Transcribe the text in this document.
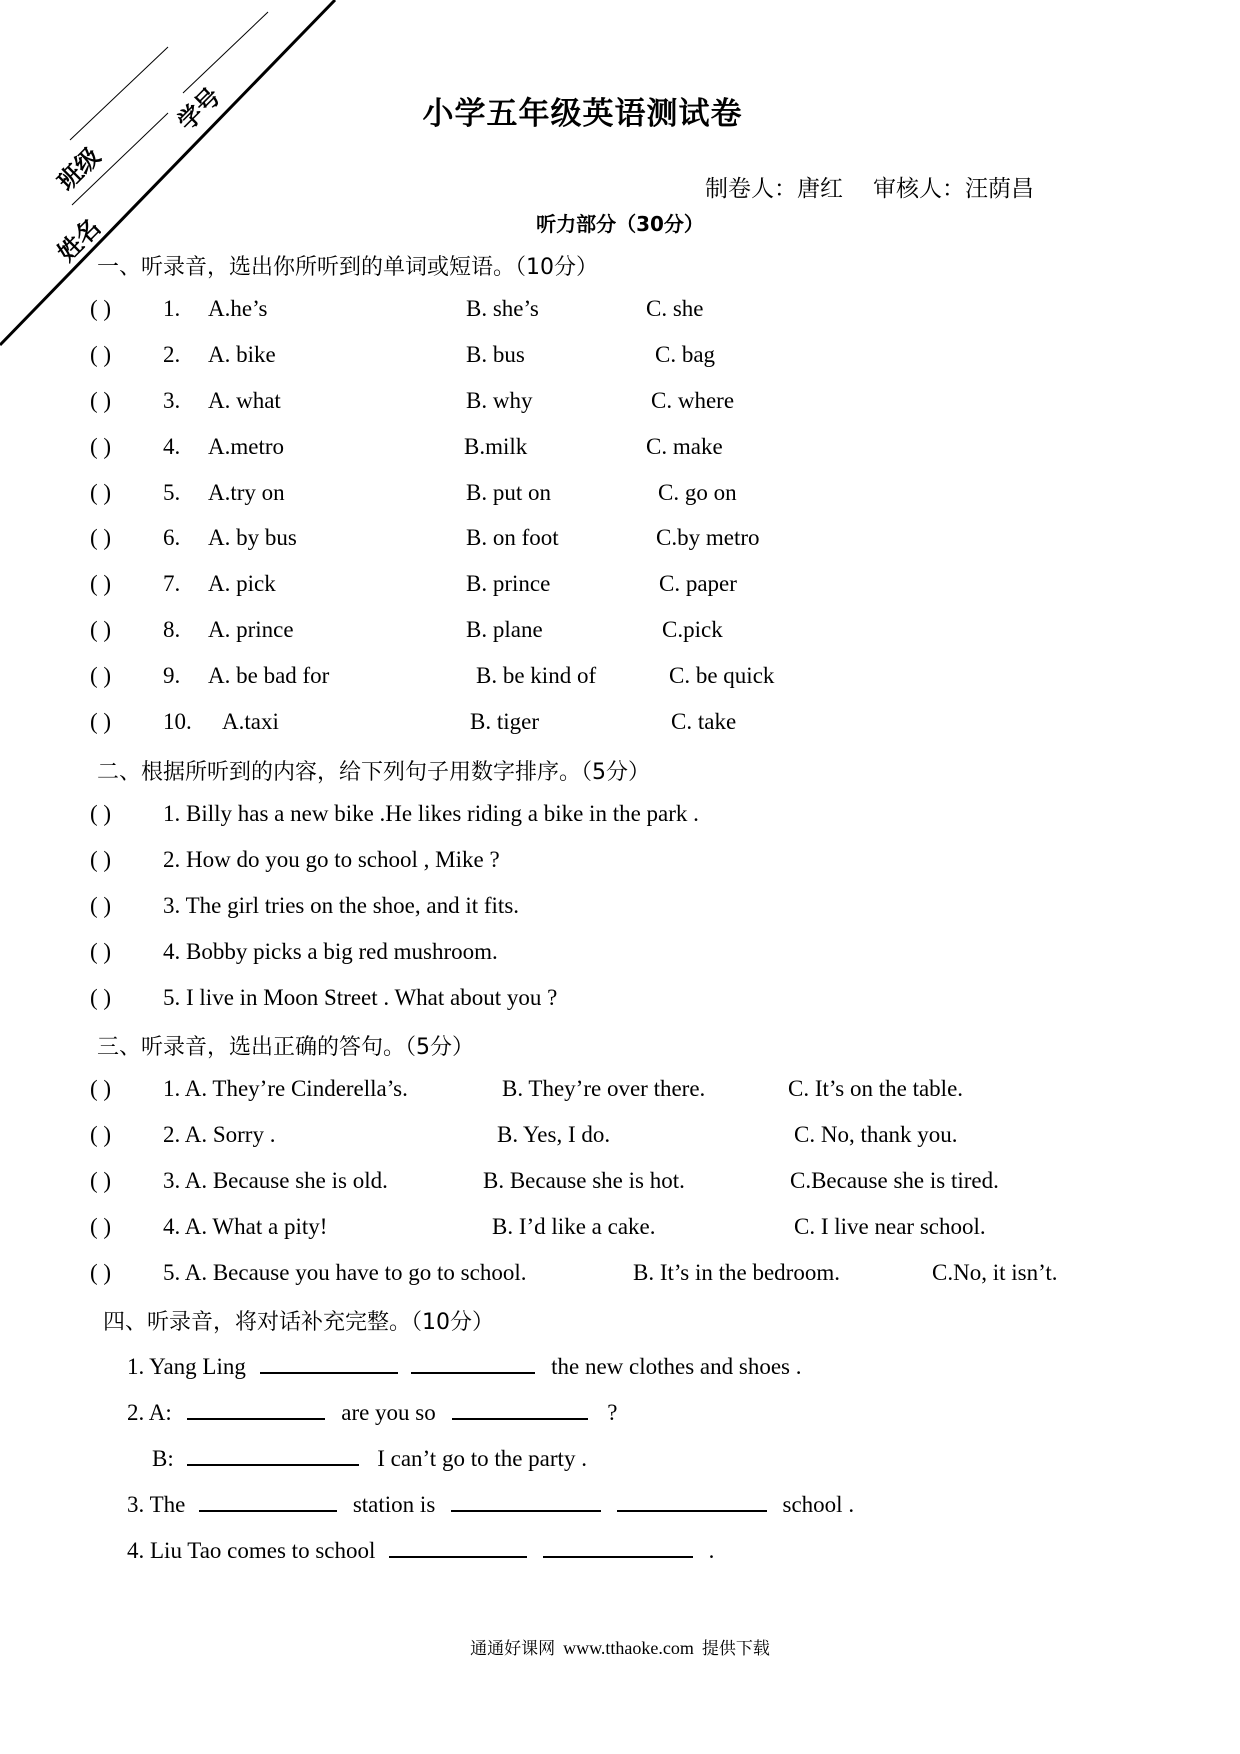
班级
学号
姓名
小学五年级英语测试卷
制卷人：唐红 审核人：汪荫昌
听力部分（30分）
一、听录音，选出你所听到的单词或短语。（10分）
( ) 1. A.he’s	B. she’s	C. she
( ) 2. A. bike	B. bus	C. bag
( ) 3. A. what	B. why	C. where
( ) 4. A.metro	B.milk	C. make
( ) 5. A.try on	B. put on	C. go on
( ) 6. A. by bus	B. on foot	C.by metro
( ) 7. A. pick	B. prince	C. paper
( ) 8. A. prince	B. plane	C.pick
( ) 9. A. be bad for	B. be kind of	C. be quick
( ) 10. A.taxi	B. tiger	C. take
二、根据所听到的内容，给下列句子用数字排序。（5分）
( ) 1. Billy has a new bike .He likes riding a bike in the park .
( ) 2. How do you go to school , Mike ?
( ) 3. The girl tries on the shoe, and it fits.
( ) 4. Bobby picks a big red mushroom.
( ) 5. I live in Moon Street . What about you ?
三、听录音，选出正确的答句。（5分）
( ) 1. A. They’re Cinderella’s.	B. They’re over there.	C. It’s on the table.
( ) 2. A. Sorry .	B. Yes, I do.	C. No, thank you.
( ) 3. A. Because she is old.	B. Because she is hot.	C.Because she is tired.
( ) 4. A. What a pity!	B. I’d like a cake.	C. I live near school.
( ) 5. A. Because you have to go to school.	B. It’s in the bedroom.	C.No, it isn’t.
四、听录音，将对话补充完整。（10分）
1. Yang Ling	the new clothes and shoes .
2. A:	are you so	?
B:	I can’t go to the party .
3. The	station is	school .
4. Liu Tao comes to school	.
通通好课网 www.tthaoke.com 提供下载
